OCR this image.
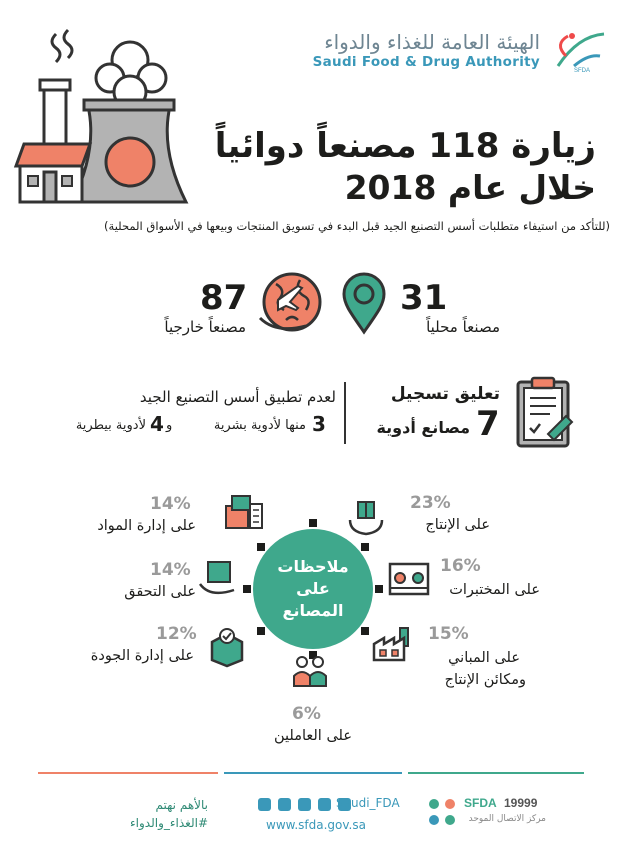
الهيئة العامة للغذاء والدواء
Saudi Food & Drug Authority
SFDA
زيارة 118 مصنعاً دوائياً
خلال عام 2018
(للتأكد من استيفاء متطلبات أسس التصنيع الجيد قبل البدء في تسويق المنتجات وبيعها في الأسواق المحلية)
31
مصنعاً محلياً
87
مصنعاً خارجياً
تعليق تسجيل
7
مصانع أدوية
لعدم تطبيق أسس التصنيع الجيد
3
منها لأدوية بشرية
و
4
لأدوية بيطرية
ملاحظات
على
المصانع
23%
على الإنتاج
16%
على المختبرات
15%
على المباني
ومكائن الإنتاج
6%
على العاملين
12%
على إدارة الجودة
14%
على التحقق
14%
على إدارة المواد
بالأهم نهتم
#الغذاء_والدواء

Saudi_FDA
www.sfda.gov.sa
SFDA 19999
مركز الاتصال الموحد
